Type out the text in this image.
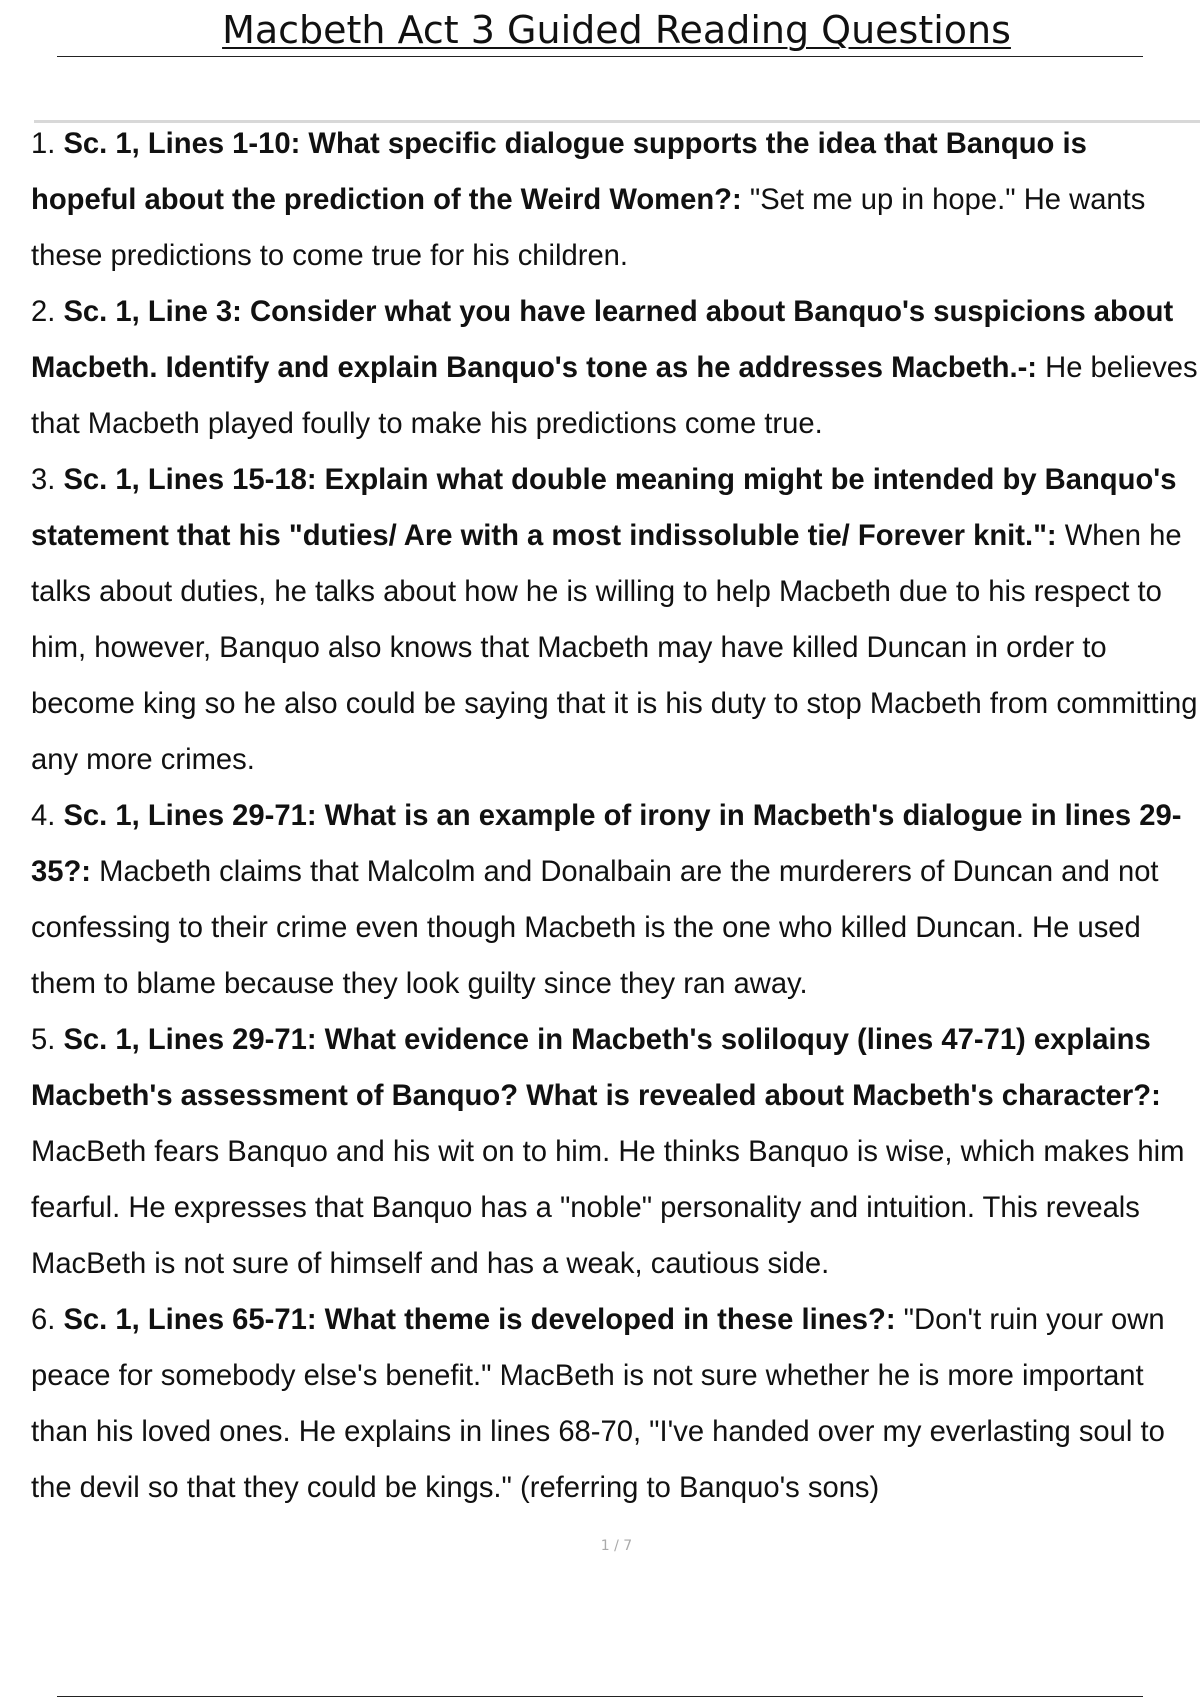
Macbeth Act 3 Guided Reading Questions
1. Sc. 1, Lines 1-10: What specific dialogue supports the idea that Banquo is hopeful about the prediction of the Weird Women?: "Set me up in hope." He wants these predictions to come true for his children.
2. Sc. 1, Line 3: Consider what you have learned about Banquo's suspicions about Macbeth. Identify and explain Banquo's tone as he addresses Macbeth.-: He believes that Macbeth played foully to make his predictions come true.
3. Sc. 1, Lines 15-18: Explain what double meaning might be intended by Banquo's statement that his "duties/ Are with a most indissoluble tie/ Forever knit.": When he talks about duties, he talks about how he is willing to help Macbeth due to his respect to him, however, Banquo also knows that Macbeth may have killed Duncan in order to become king so he also could be saying that it is his duty to stop Macbeth from committing any more crimes.
4. Sc. 1, Lines 29-71: What is an example of irony in Macbeth's dialogue in lines 29-35?: Macbeth claims that Malcolm and Donalbain are the murderers of Duncan and not confessing to their crime even though Macbeth is the one who killed Duncan. He used them to blame because they look guilty since they ran away.
5. Sc. 1, Lines 29-71: What evidence in Macbeth's soliloquy (lines 47-71) explains Macbeth's assessment of Banquo? What is revealed about Macbeth's character?: MacBeth fears Banquo and his wit on to him. He thinks Banquo is wise, which makes him fearful. He expresses that Banquo has a "noble" personality and intuition. This reveals MacBeth is not sure of himself and has a weak, cautious side.
6. Sc. 1, Lines 65-71: What theme is developed in these lines?: "Don't ruin your own peace for somebody else's benefit." MacBeth is not sure whether he is more important than his loved ones. He explains in lines 68-70, "I've handed over my everlasting soul to the devil so that they could be kings." (referring to Banquo's sons)
1 / 7
